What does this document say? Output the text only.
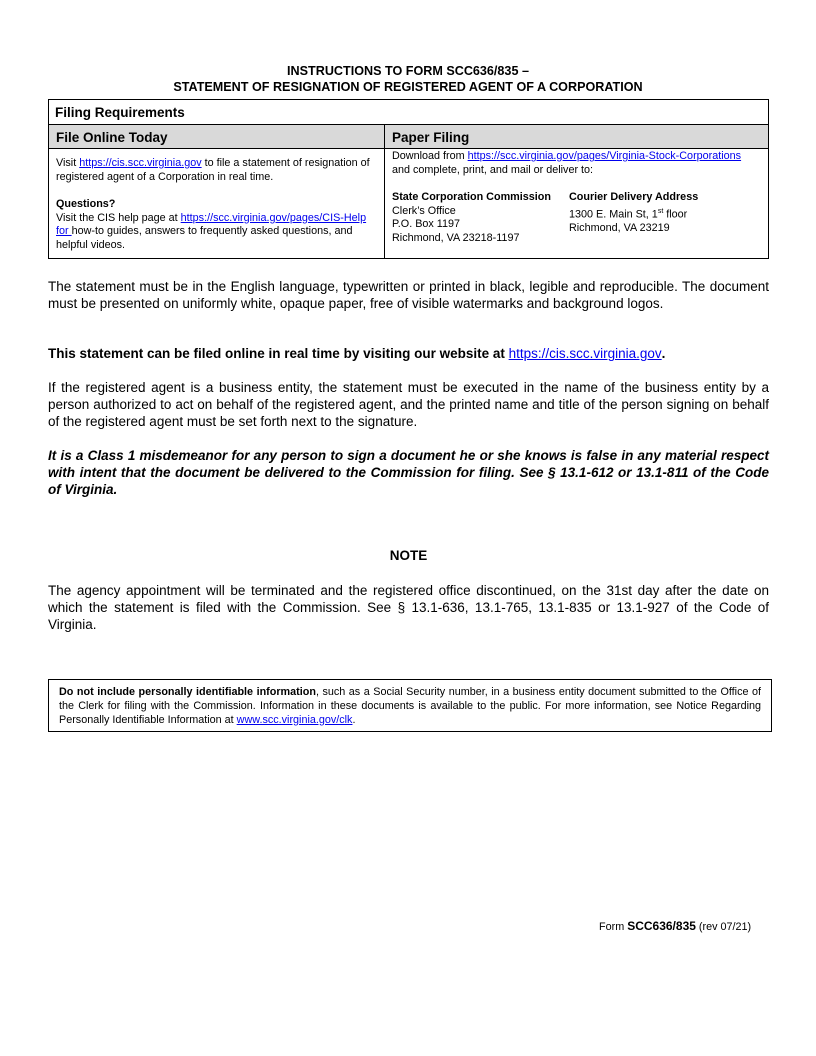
INSTRUCTIONS TO FORM SCC636/835 –
STATEMENT OF RESIGNATION OF REGISTERED AGENT OF A CORPORATION
Filing Requirements
File Online Today
Visit https://cis.scc.virginia.gov to file a statement of resignation of registered agent of a Corporation in real time.
Questions?
Visit the CIS help page at https://scc.virginia.gov/pages/CIS-Help for how-to guides, answers to frequently asked questions, and helpful videos.
Paper Filing
Download from https://scc.virginia.gov/pages/Virginia-Stock-Corporations and complete, print, and mail or deliver to:
State Corporation Commission
Clerk’s Office
P.O. Box 1197
Richmond, VA 23218-1197
Courier Delivery Address
1300 E. Main St, 1st floor
Richmond, VA 23219
The statement must be in the English language, typewritten or printed in black, legible and reproducible. The document must be presented on uniformly white, opaque paper, free of visible watermarks and background logos.
This statement can be filed online in real time by visiting our website at https://cis.scc.virginia.gov.
If the registered agent is a business entity, the statement must be executed in the name of the business entity by a person authorized to act on behalf of the registered agent, and the printed name and title of the person signing on behalf of the registered agent must be set forth next to the signature.
It is a Class 1 misdemeanor for any person to sign a document he or she knows is false in any material respect with intent that the document be delivered to the Commission for filing. See § 13.1-612 or 13.1-811 of the Code of Virginia.
NOTE
The agency appointment will be terminated and the registered office discontinued, on the 31st day after the date on which the statement is filed with the Commission. See § 13.1-636, 13.1-765, 13.1-835 or 13.1-927 of the Code of Virginia.
Do not include personally identifiable information, such as a Social Security number, in a business entity document submitted to the Office of the Clerk for filing with the Commission. Information in these documents is available to the public. For more information, see Notice Regarding Personally Identifiable Information at www.scc.virginia.gov/clk.
Form SCC636/835 (rev 07/21)
